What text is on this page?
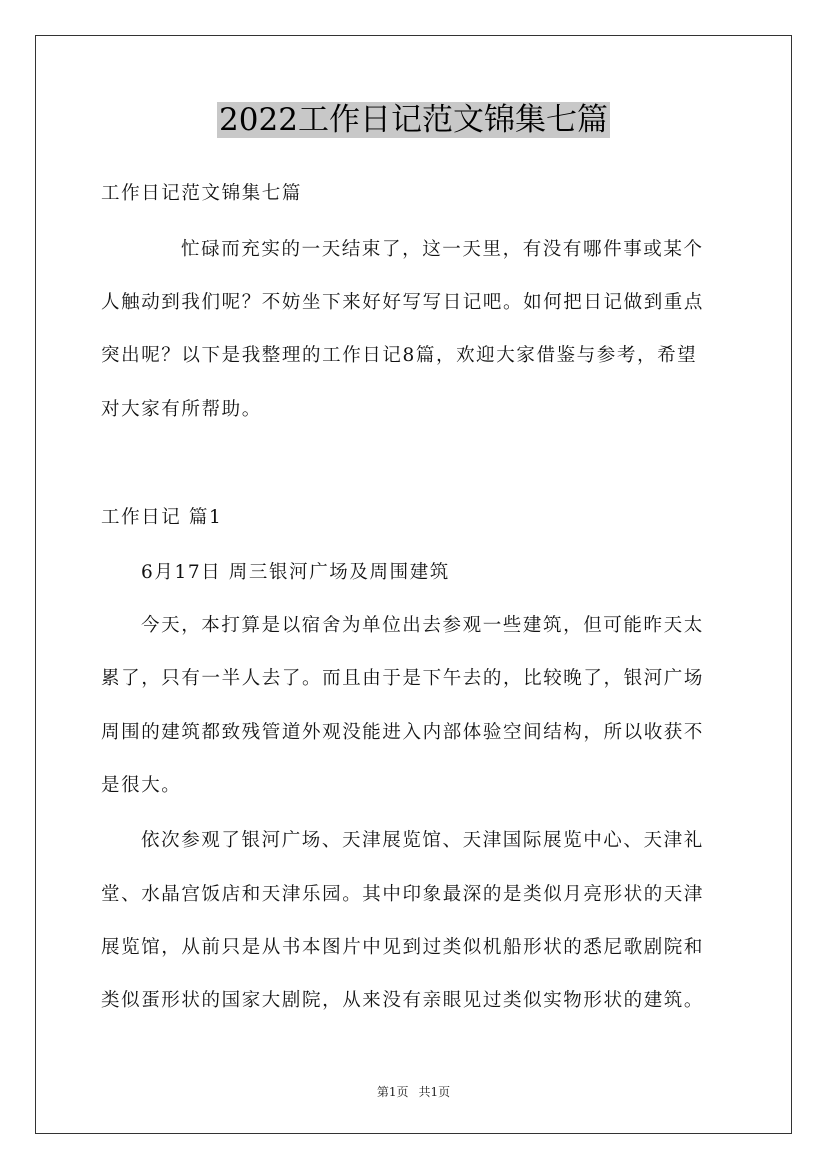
2022工作日记范文锦集七篇
工作日记范文锦集七篇
忙碌而充实的一天结束了，这一天里，有没有哪件事或某个
人触动到我们呢？不妨坐下来好好写写日记吧。如何把日记做到重点
突出呢？以下是我整理的工作日记8篇，欢迎大家借鉴与参考，希望
对大家有所帮助。
工作日记 篇1
6月17日 周三银河广场及周围建筑
今天，本打算是以宿舍为单位出去参观一些建筑，但可能昨天太
累了，只有一半人去了。而且由于是下午去的，比较晚了，银河广场
周围的建筑都致残管道外观没能进入内部体验空间结构，所以收获不
是很大。
依次参观了银河广场、天津展览馆、天津国际展览中心、天津礼
堂、水晶宫饭店和天津乐园。其中印象最深的是类似月亮形状的天津
展览馆，从前只是从书本图片中见到过类似机船形状的悉尼歌剧院和
类似蛋形状的国家大剧院，从来没有亲眼见过类似实物形状的建筑。
第1页 共1页
